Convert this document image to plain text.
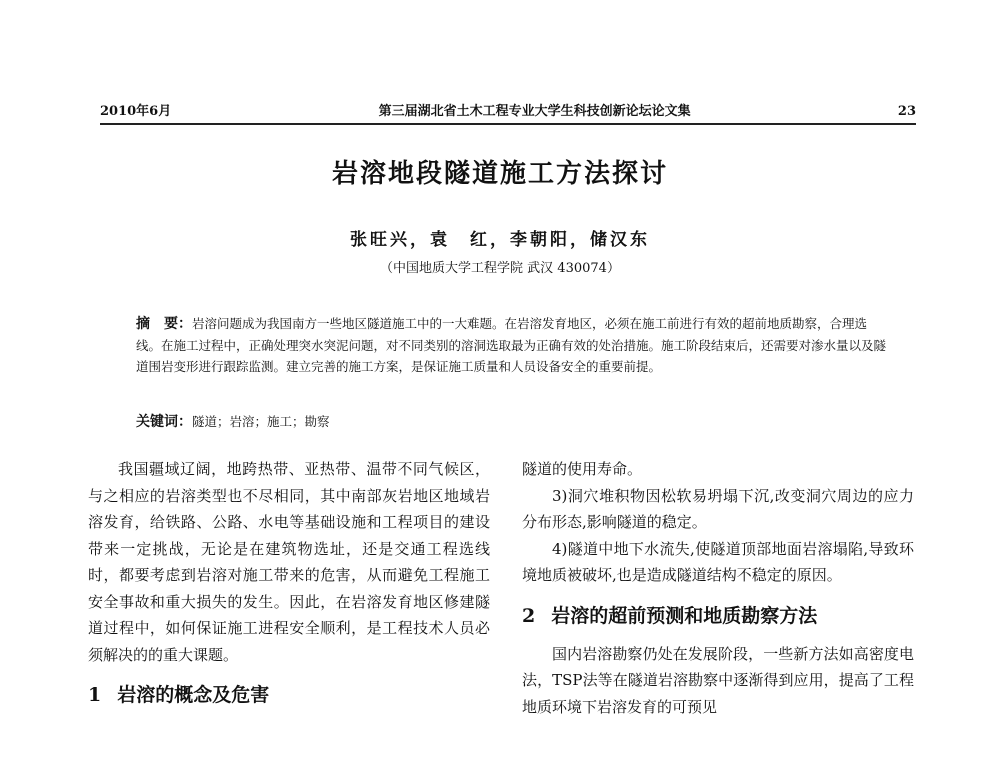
2010年6月	第三届湖北省土木工程专业大学生科技创新论坛论文集	23
岩溶地段隧道施工方法探讨
张旺兴，袁　红，李朝阳，储汉东
（中国地质大学工程学院 武汉 430074）
摘　要：岩溶问题成为我国南方一些地区隧道施工中的一大难题。在岩溶发育地区，必须在施工前进行有效的超前地质勘察，合理选线。在施工过程中，正确处理突水突泥问题，对不同类别的溶洞选取最为正确有效的处治措施。施工阶段结束后，还需要对渗水量以及隧道围岩变形进行跟踪监测。建立完善的施工方案，是保证施工质量和人员设备安全的重要前提。
关键词：隧道；岩溶；施工；勘察

我国疆域辽阔，地跨热带、亚热带、温带不同气候区，与之相应的岩溶类型也不尽相同，其中南部灰岩地区地域岩溶发育，给铁路、公路、水电等基础设施和工程项目的建设带来一定挑战，无论是在建筑物选址，还是交通工程选线时，都要考虑到岩溶对施工带来的危害，从而避免工程施工安全事故和重大损失的发生。因此，在岩溶发育地区修建隧道过程中，如何保证施工进程安全顺利，是工程技术人员必须解决的的重大课题。

1 岩溶的概念及危害

隧道的使用寿命。

3)洞穴堆积物因松软易坍塌下沉,改变洞穴周边的应力分布形态,影响隧道的稳定。

4)隧道中地下水流失,使隧道顶部地面岩溶塌陷,导致环境地质被破坏,也是造成隧道结构不稳定的原因。

2 岩溶的超前预测和地质勘察方法

国内岩溶勘察仍处在发展阶段，一些新方法如高密度电法，TSP法等在隧道岩溶勘察中逐渐得到应用，提高了工程地质环境下岩溶发育的可预见
